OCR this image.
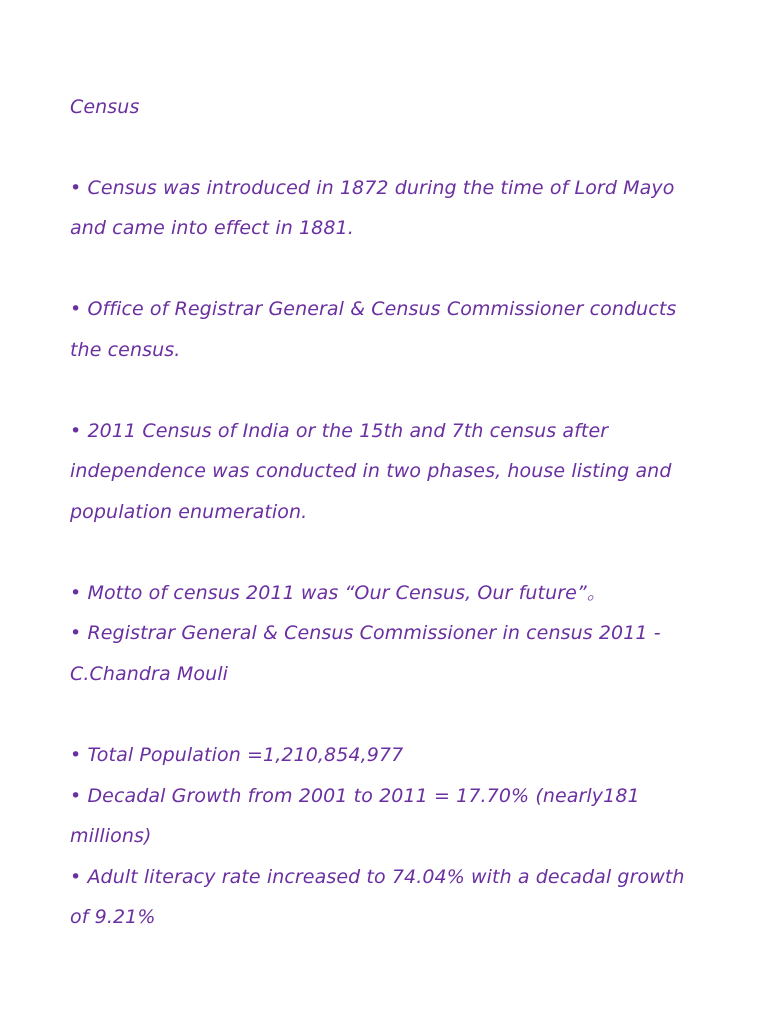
Census

• Census was introduced in 1872 during the time of Lord Mayo

and came into effect in 1881.

• Office of Registrar General & Census Commissioner conducts

the census.

• 2011 Census of India or the 15th and 7th census after

independence was conducted in two phases, house listing and

population enumeration.

• Motto of census 2011 was “Our Census, Our future”。

• Registrar General & Census Commissioner in census 2011 -

C.Chandra Mouli

• Total Population =1,210,854,977

• Decadal Growth from 2001 to 2011 = 17.70% (nearly181

millions)

• Adult literacy rate increased to 74.04% with a decadal growth

of 9.21%
